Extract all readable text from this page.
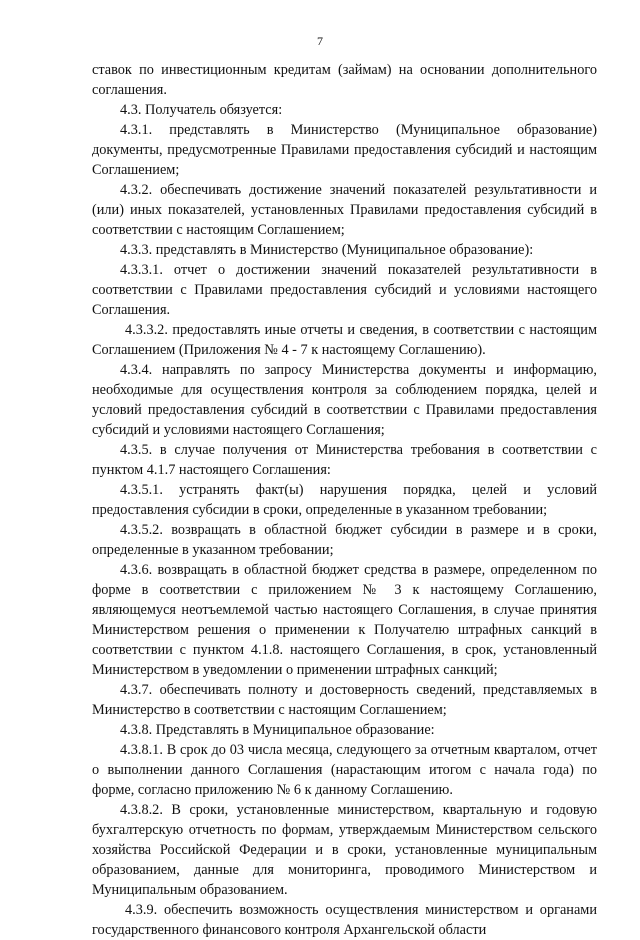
7

ставок по инвестиционным кредитам (займам) на основании дополнительного соглашения.

4.3. Получатель обязуется:

4.3.1. представлять в Министерство (Муниципальное образование) документы, предусмотренные Правилами предоставления субсидий и настоящим Соглашением;

4.3.2. обеспечивать достижение значений показателей результативности и (или) иных показателей, установленных Правилами предоставления субсидий в соответствии с настоящим Соглашением;

4.3.3. представлять в Министерство (Муниципальное образование):

4.3.3.1. отчет о достижении значений показателей результативности в соответствии с Правилами предоставления субсидий и условиями настоящего Соглашения.

4.3.3.2. предоставлять иные отчеты и сведения, в соответствии с настоящим Соглашением (Приложения № 4 - 7 к настоящему Соглашению).

4.3.4. направлять по запросу Министерства документы и информацию, необходимые для осуществления контроля за соблюдением порядка, целей и условий предоставления субсидий в соответствии с Правилами предоставления субсидий и условиями настоящего Соглашения;

4.3.5. в случае получения от Министерства требования в соответствии с пунктом 4.1.7 настоящего Соглашения:

4.3.5.1. устранять факт(ы) нарушения порядка, целей и условий предоставления субсидии в сроки, определенные в указанном требовании;

4.3.5.2. возвращать в областной бюджет субсидии в размере и в сроки, определенные в указанном требовании;

4.3.6. возвращать в областной бюджет средства в размере, определенном по форме в соответствии с приложением № 3 к настоящему Соглашению, являющемуся неотъемлемой частью настоящего Соглашения, в случае принятия Министерством решения о применении к Получателю штрафных санкций в соответствии с пунктом 4.1.8. настоящего Соглашения, в срок, установленный Министерством в уведомлении о применении штрафных санкций;

4.3.7. обеспечивать полноту и достоверность сведений, представляемых в Министерство в соответствии с настоящим Соглашением;

4.3.8. Представлять в Муниципальное образование:

4.3.8.1. В срок до 03 числа месяца, следующего за отчетным кварталом, отчет о выполнении данного Соглашения (нарастающим итогом с начала года) по форме, согласно приложению № 6 к данному Соглашению.

4.3.8.2. В сроки, установленные министерством, квартальную и годовую бухгалтерскую отчетность по формам, утверждаемым Министерством сельского хозяйства Российской Федерации и в сроки, установленные муниципальным образованием, данные для мониторинга, проводимого Министерством и Муниципальным образованием.

4.3.9. обеспечить возможность осуществления министерством и органами государственного финансового контроля Архангельской области
